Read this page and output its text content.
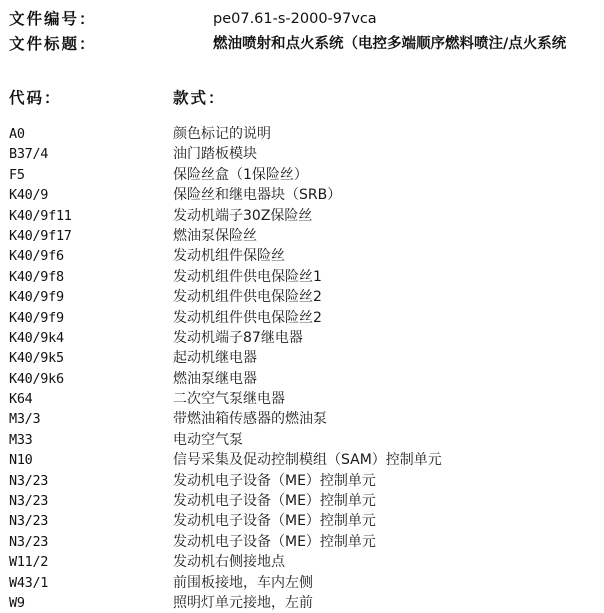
文件编号：	pe07.61-s-2000-97vca
文件标题：	燃油喷射和点火系统（电控多端顺序燃料喷注/点火系统
代码：	款式：
A0	颜色标记的说明
B37/4	油门踏板模块
F5	保险丝盒（1保险丝）
K40/9	保险丝和继电器块（SRB）
K40/9f11	发动机端子30Z保险丝
K40/9f17	燃油泵保险丝
K40/9f6	发动机组件保险丝
K40/9f8	发动机组件供电保险丝1
K40/9f9	发动机组件供电保险丝2
K40/9f9	发动机组件供电保险丝2
K40/9k4	发动机端子87继电器
K40/9k5	起动机继电器
K40/9k6	燃油泵继电器
K64	二次空气泵继电器
M3/3	带燃油箱传感器的燃油泵
M33	电动空气泵
N10	信号采集及促动控制模组（SAM）控制单元
N3/23	发动机电子设备（ME）控制单元
N3/23	发动机电子设备（ME）控制单元
N3/23	发动机电子设备（ME）控制单元
N3/23	发动机电子设备（ME）控制单元
W11/2	发动机右侧接地点
W43/1	前围板接地，车内左侧
W9	照明灯单元接地，左前
